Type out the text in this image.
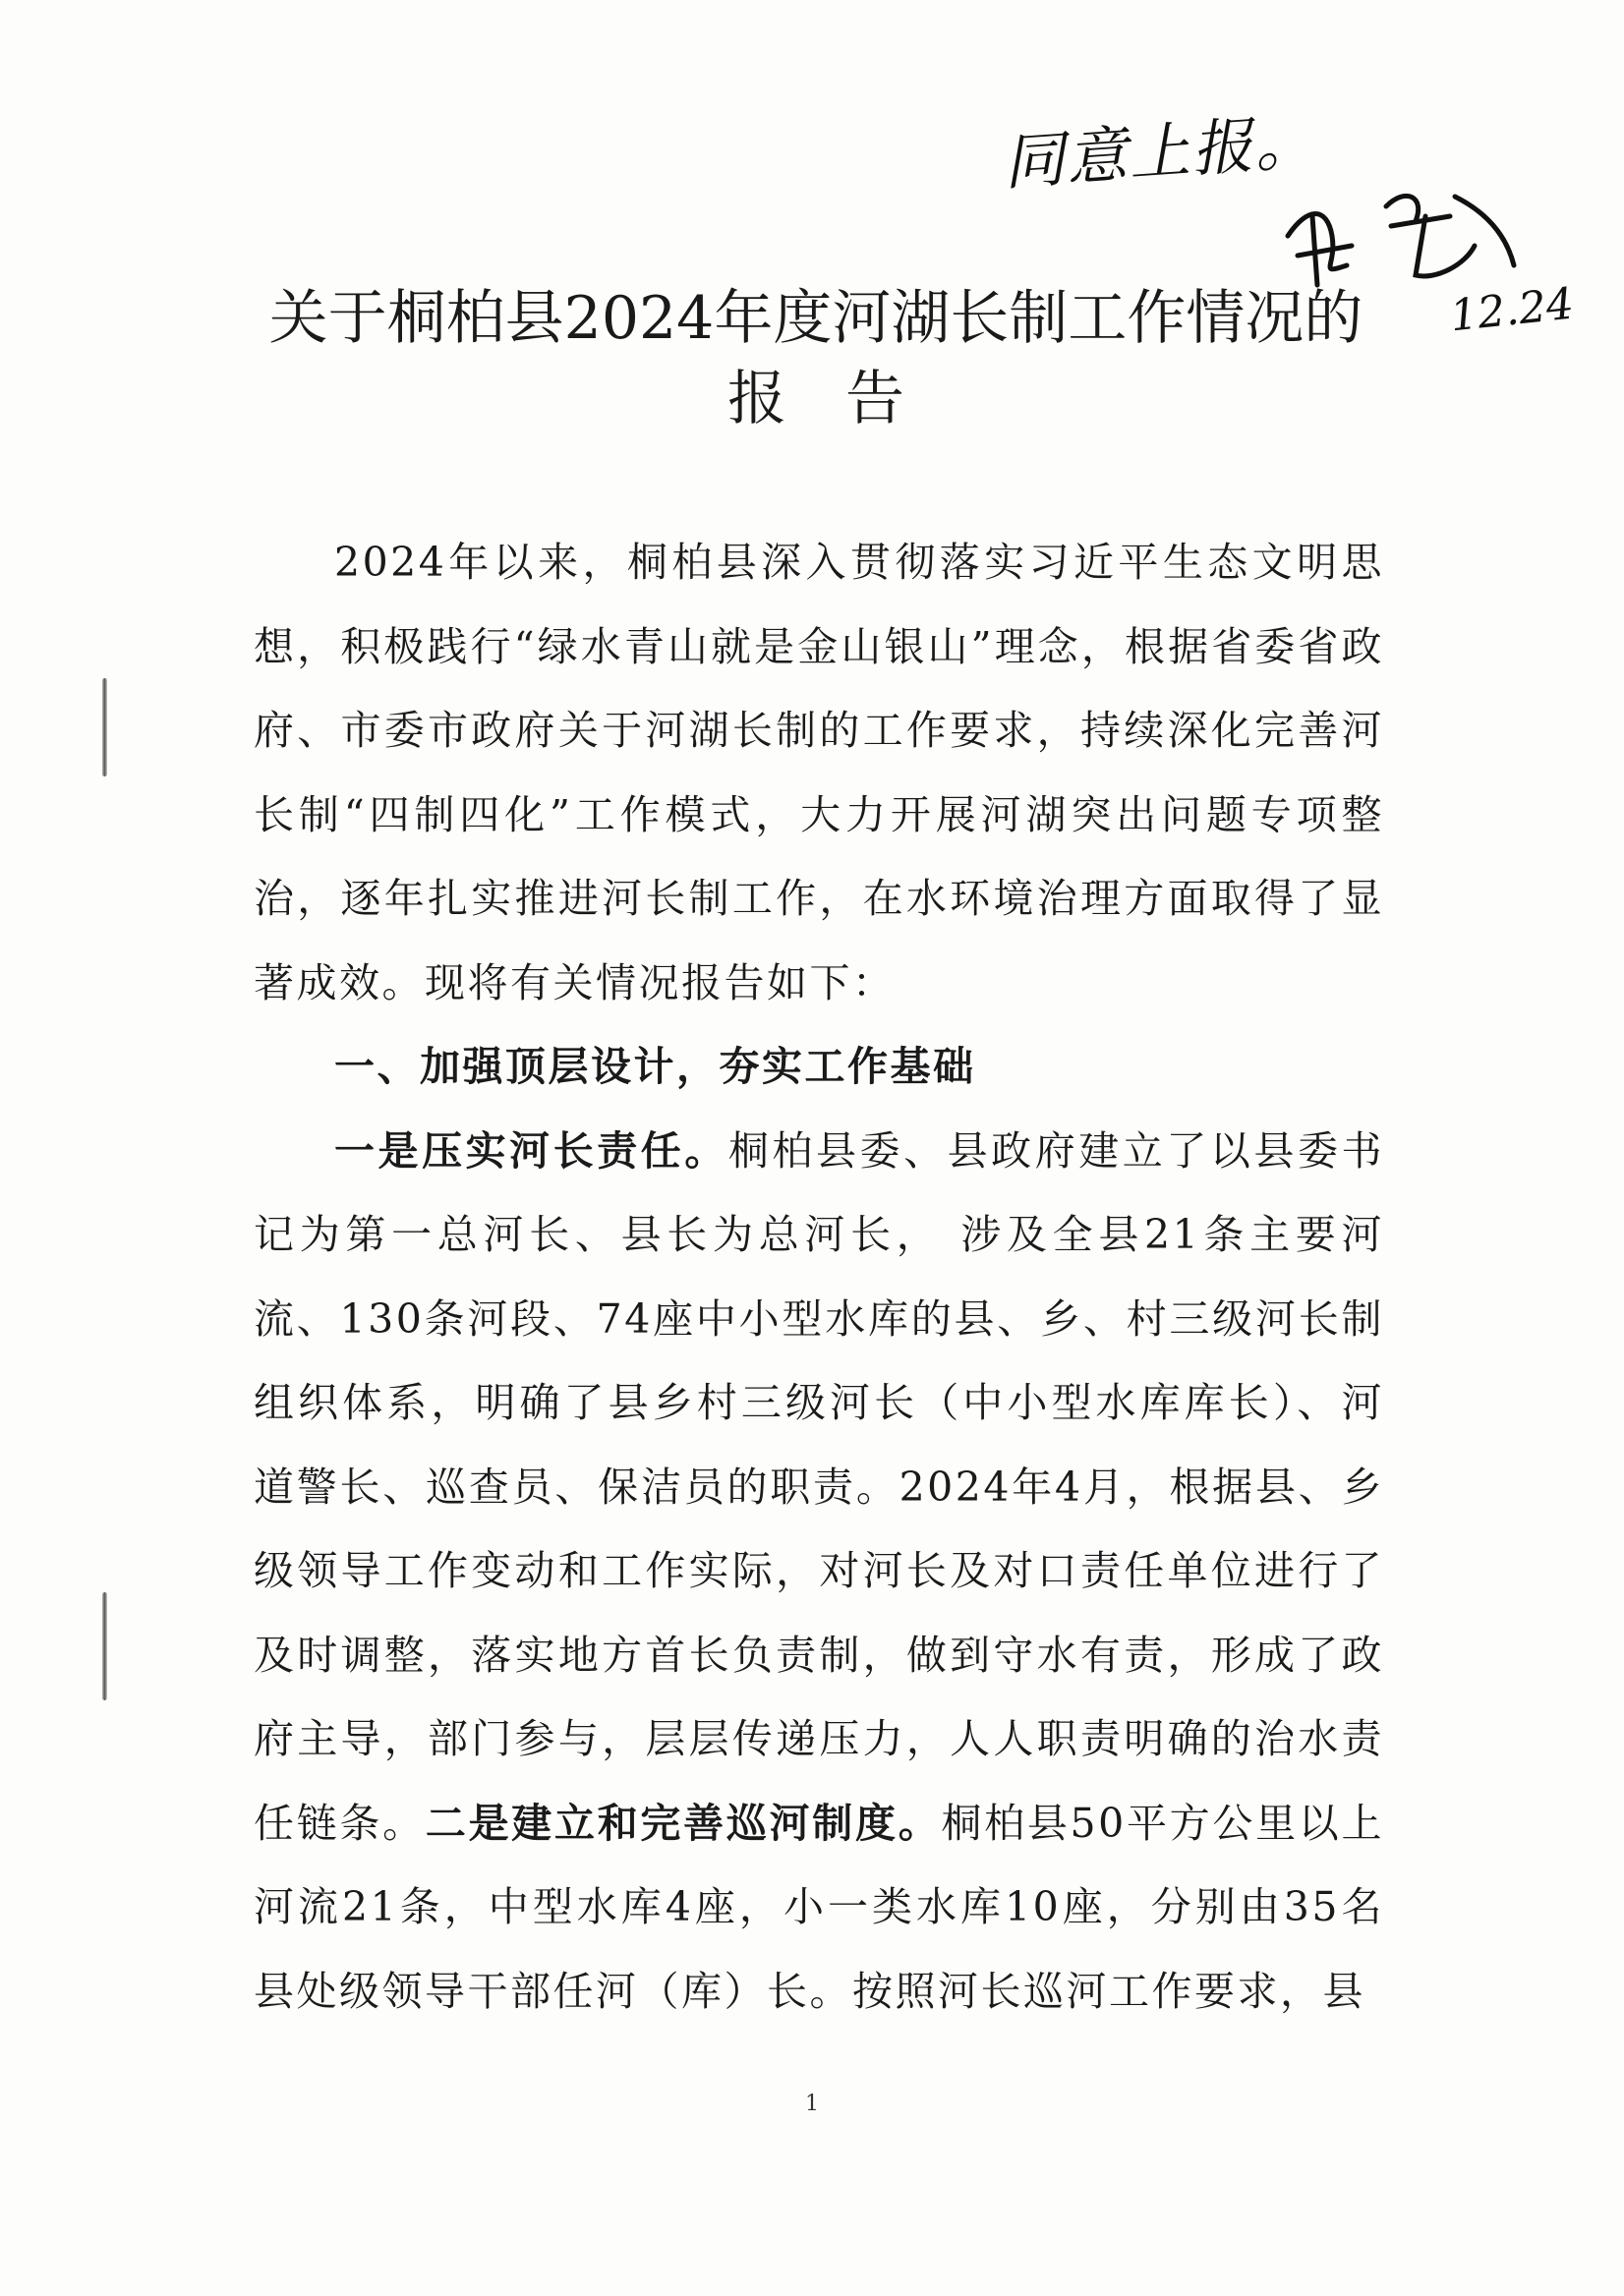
同意上报。
12.24
关于桐柏县2024年度河湖长制工作情况的
报告

2024年以来，桐柏县深入贯彻落实习近平生态文明思想，积极践行“绿水青山就是金山银山”理念，根据省委省政府、市委市政府关于河湖长制的工作要求，持续深化完善河长制“四制四化”工作模式，大力开展河湖突出问题专项整治，逐年扎实推进河长制工作，在水环境治理方面取得了显著成效。现将有关情况报告如下：

一、加强顶层设计，夯实工作基础

一是压实河长责任。桐柏县委、县政府建立了以县委书记为第一总河长、县长为总河长， 涉及全县21条主要河流、130条河段、74座中小型水库的县、乡、村三级河长制组织体系，明确了县乡村三级河长（中小型水库库长）、河道警长、巡查员、保洁员的职责。2024年4月，根据县、乡级领导工作变动和工作实际，对河长及对口责任单位进行了及时调整，落实地方首长负责制，做到守水有责，形成了政府主导，部门参与，层层传递压力，人人职责明确的治水责任链条。二是建立和完善巡河制度。桐柏县50平方公里以上河流21条，中型水库4座，小一类水库10座，分别由35名县处级领导干部任河（库）长。按照河长巡河工作要求，县

1
